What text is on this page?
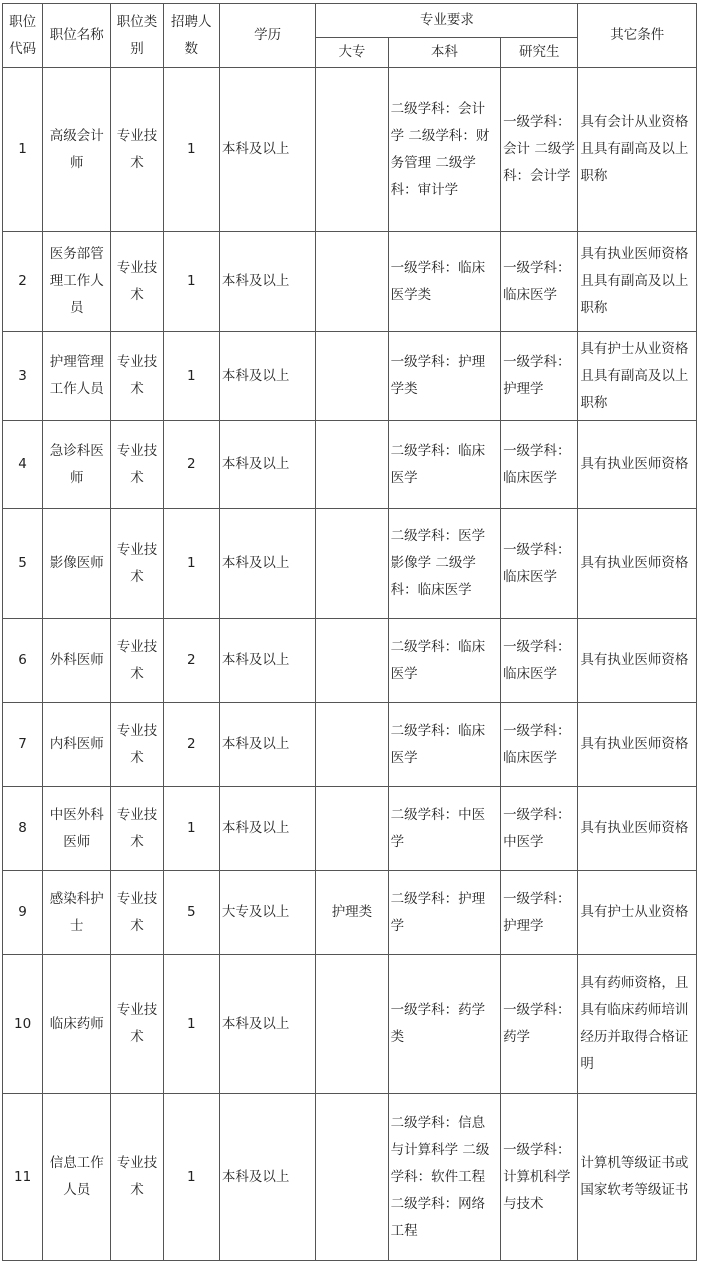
职位代码	职位名称	职位类别	招聘人数	学历	专业要求			其它条件
					大专	本科	研究生	
1	高级会计师	专业技术	1	本科及以上		二级学科：会计学 二级学科：财务管理 二级学科：审计学	一级学科：会计 二级学科：会计学	具有会计从业资格且具有副高及以上职称
2	医务部管理工作人员	专业技术	1	本科及以上		一级学科：临床医学类	一级学科：临床医学	具有执业医师资格且具有副高及以上职称
3	护理管理工作人员	专业技术	1	本科及以上		一级学科：护理学类	一级学科：护理学	具有护士从业资格且具有副高及以上职称
4	急诊科医师	专业技术	2	本科及以上		二级学科：临床医学	一级学科：临床医学	具有执业医师资格
5	影像医师	专业技术	1	本科及以上		二级学科：医学影像学 二级学科：临床医学	一级学科：临床医学	具有执业医师资格
6	外科医师	专业技术	2	本科及以上		二级学科：临床医学	一级学科：临床医学	具有执业医师资格
7	内科医师	专业技术	2	本科及以上		二级学科：临床医学	一级学科：临床医学	具有执业医师资格
8	中医外科医师	专业技术	1	本科及以上		二级学科：中医学	一级学科：中医学	具有执业医师资格
9	感染科护士	专业技术	5	大专及以上	护理类	二级学科：护理学	一级学科：护理学	具有护士从业资格
10	临床药师	专业技术	1	本科及以上		一级学科：药学类	一级学科：药学	具有药师资格，且具有临床药师培训经历并取得合格证明
11	信息工作人员	专业技术	1	本科及以上		二级学科：信息与计算科学 二级学科：软件工程 二级学科：网络工程	一级学科：计算机科学与技术	计算机等级证书或国家软考等级证书
